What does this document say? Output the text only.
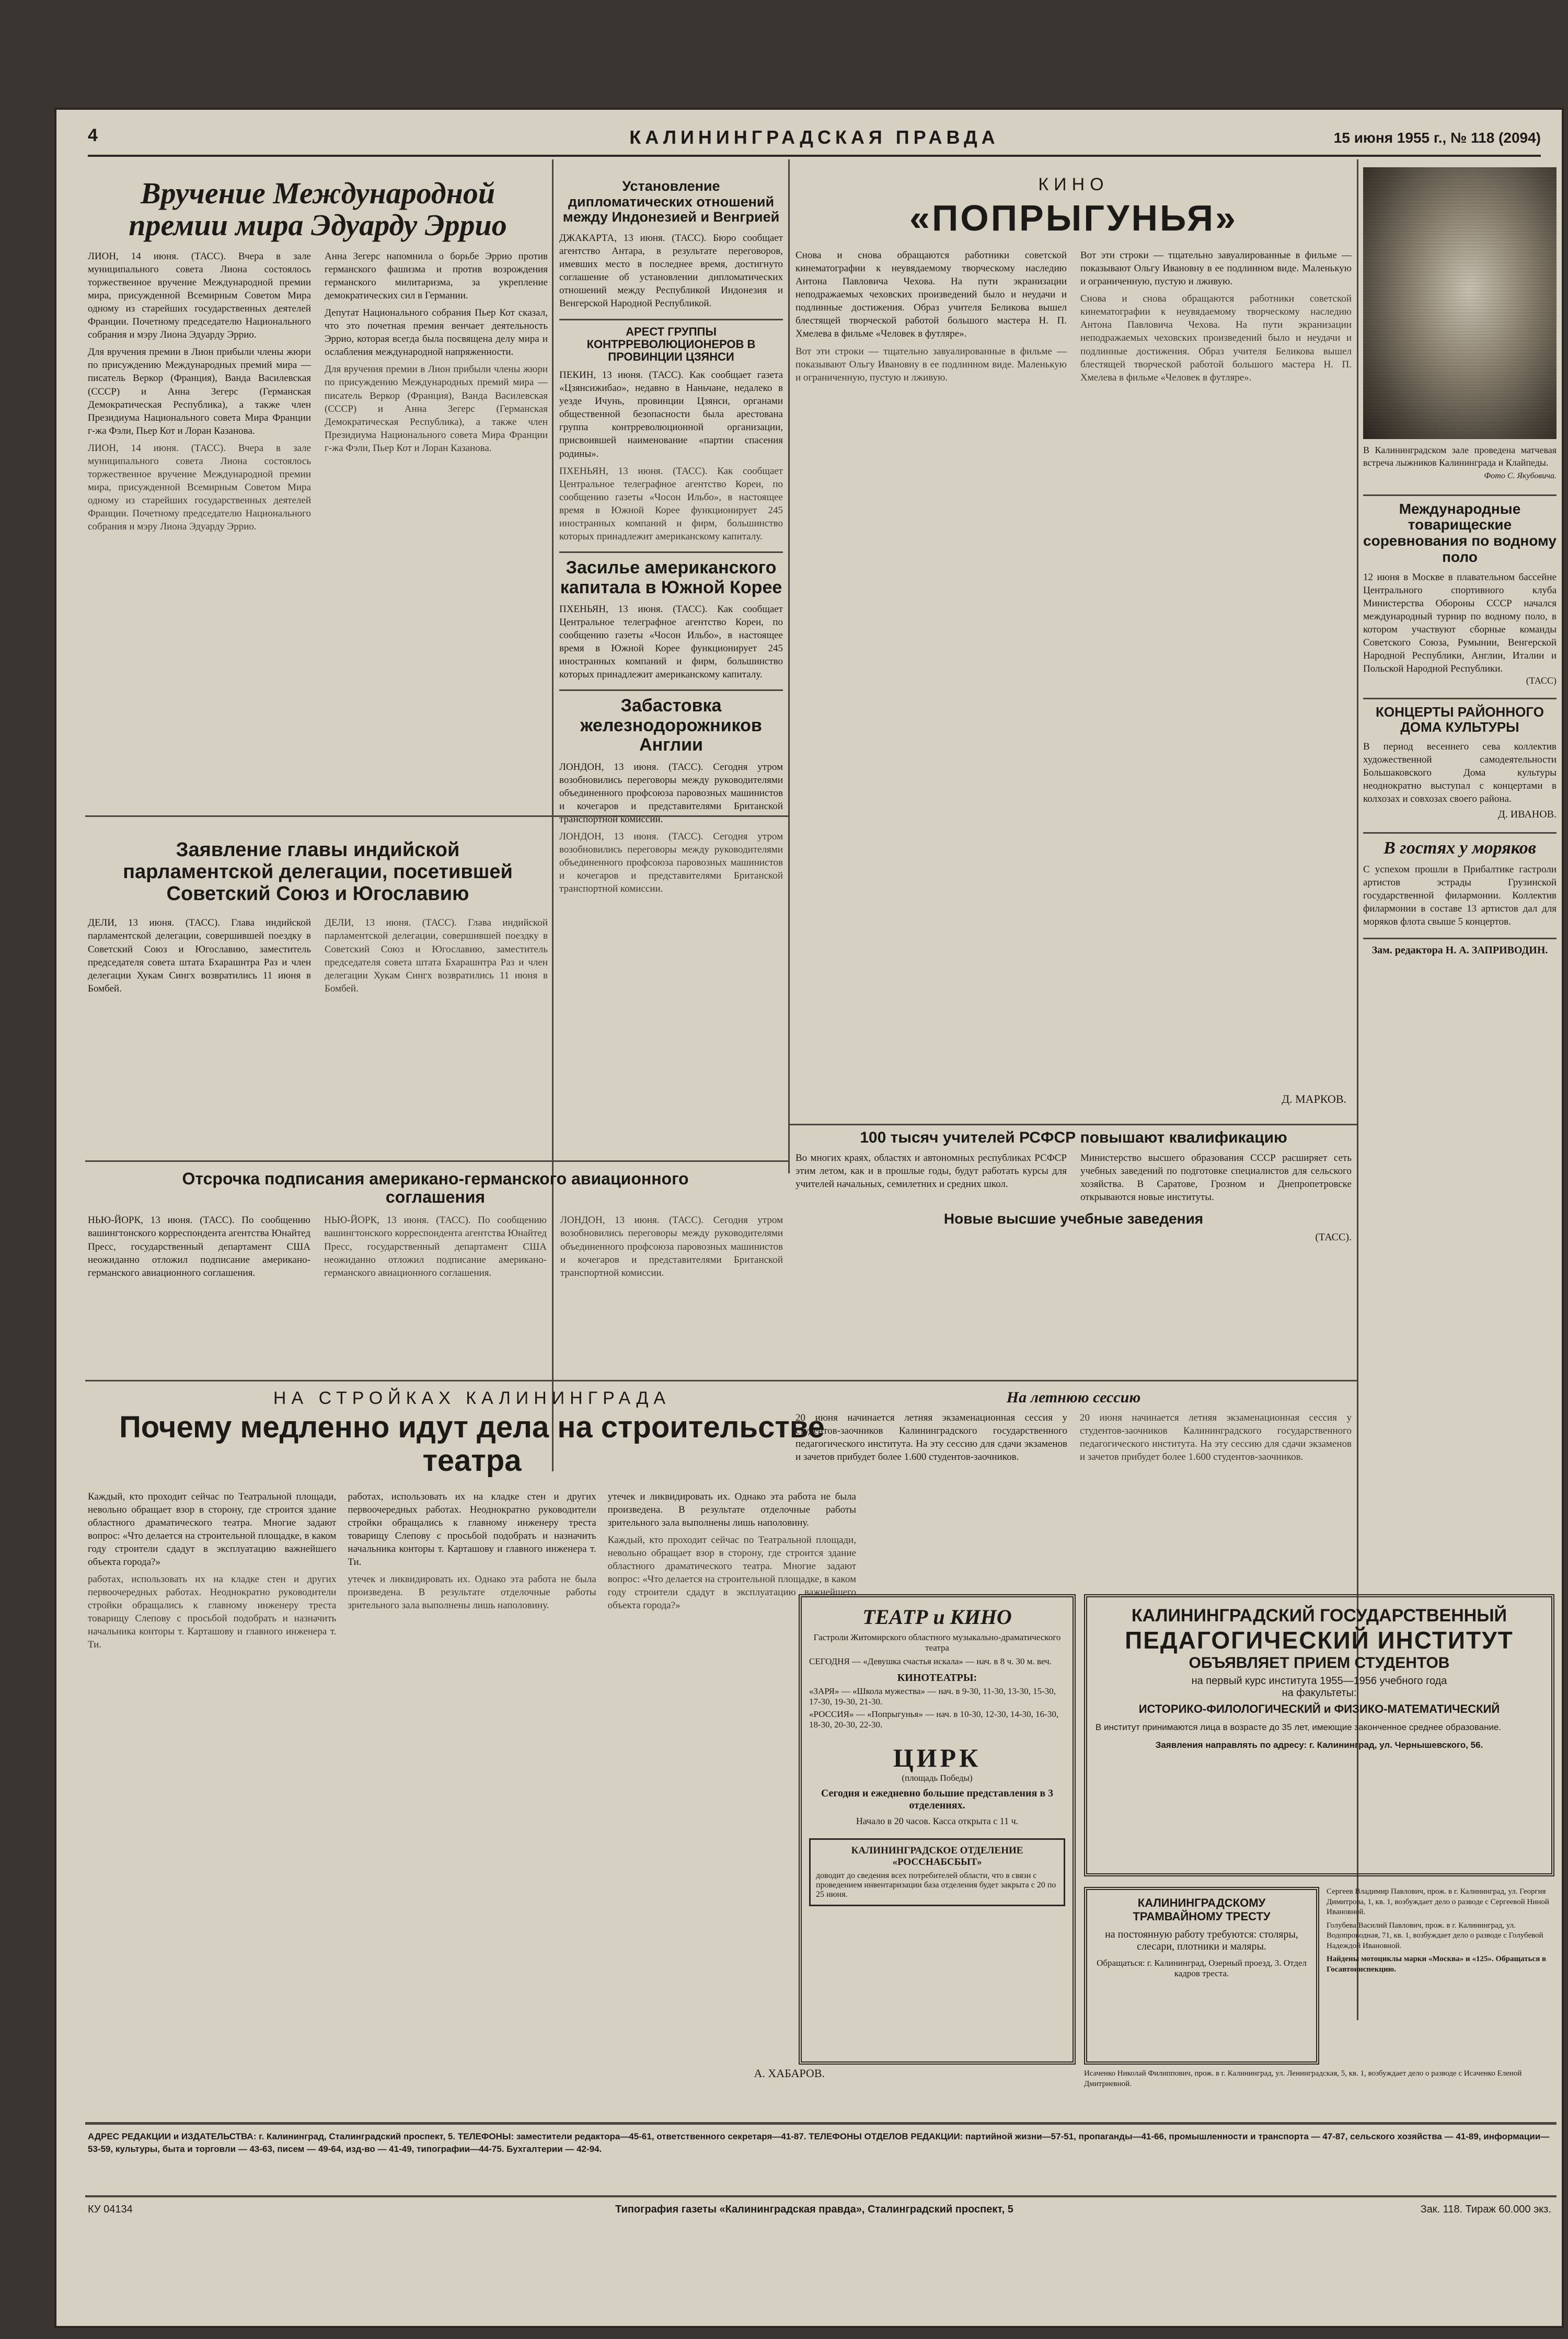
4	КАЛИНИНГРАДСКАЯ ПРАВДА	15 июня 1955 г., № 118 (2094)
Вручение Международной премии мира Эдуарду Эррио

ЛИОН, 14 июня. (ТАСС). Вчера в зале муниципального совета Лиона состоялось торжественное вручение Международной премии мира, присужденной Всемирным Советом Мира одному из старейших государственных деятелей Франции. Почетному председателю Национального собрания и мэру Лиона Эдуарду Эррио.

Для вручения премии в Лион прибыли члены жюри по присуждению Международных премий мира — писатель Веркор (Франция), Ванда Василевская (СССР) и Анна Зегерс (Германская Демократическая Республика), а также член Президиума Национального совета Мира Франции г-жа Фэли, Пьер Кот и Лоран Казанова.

ЛИОН, 14 июня. (ТАСС). Вчера в зале муниципального совета Лиона состоялось торжественное вручение Международной премии мира, присужденной Всемирным Советом Мира одному из старейших государственных деятелей Франции. Почетному председателю Национального собрания и мэру Лиона Эдуарду Эррио.

Анна Зегерс напомнила о борьбе Эррио против германского фашизма и против возрождения германского милитаризма, за укрепление демократических сил в Германии.

Депутат Национального собрания Пьер Кот сказал, что это почетная премия венчает деятельность Эррио, которая всегда была посвящена делу мира и ослабления международной напряженности.

Для вручения премии в Лион прибыли члены жюри по присуждению Международных премий мира — писатель Веркор (Франция), Ванда Василевская (СССР) и Анна Зегерс (Германская Демократическая Республика), а также член Президиума Национального совета Мира Франции г-жа Фэли, Пьер Кот и Лоран Казанова.

Установление дипломатических отношений между Индонезией и Венгрией

ДЖАКАРТА, 13 июня. (ТАСС). Бюро сообщает агентство Антара, в результате переговоров, имевших место в последнее время, достигнуто соглашение об установлении дипломатических отношений между Республикой Индонезия и Венгерской Народной Республикой.

АРЕСТ ГРУППЫ КОНТРРЕВОЛЮЦИОНЕРОВ В ПРОВИНЦИИ ЦЗЯНСИ

ПЕКИН, 13 июня. (ТАСС). Как сообщает газета «Цзянсижибао», недавно в Наньчане, недалеко в уезде Ичунь, провинции Цзянси, органами общественной безопасности была арестована группа контрреволюционной организации, присвоившей наименование «партии спасения родины».

ПХЕНЬЯН, 13 июня. (ТАСС). Как сообщает Центральное телеграфное агентство Кореи, по сообщению газеты «Чосон Ильбо», в настоящее время в Южной Корее функционирует 245 иностранных компаний и фирм, большинство которых принадлежит американскому капиталу.

Засилье американского капитала в Южной Корее

ПХЕНЬЯН, 13 июня. (ТАСС). Как сообщает Центральное телеграфное агентство Кореи, по сообщению газеты «Чосон Ильбо», в настоящее время в Южной Корее функционирует 245 иностранных компаний и фирм, большинство которых принадлежит американскому капиталу.

Забастовка железнодорожников Англии

ЛОНДОН, 13 июня. (ТАСС). Сегодня утром возобновились переговоры между руководителями объединенного профсоюза паровозных машинистов и кочегаров и представителями Британской транспортной комиссии.

ЛОНДОН, 13 июня. (ТАСС). Сегодня утром возобновились переговоры между руководителями объединенного профсоюза паровозных машинистов и кочегаров и представителями Британской транспортной комиссии.

Заявление главы индийской парламентской делегации, посетившей Советский Союз и Югославию

ДЕЛИ, 13 июня. (ТАСС). Глава индийской парламентской делегации, совершившей поездку в Советский Союз и Югославию, заместитель председателя совета штата Бхарашнтра Раз и член делегации Хукам Сингх возвратились 11 июня в Бомбей.

ДЕЛИ, 13 июня. (ТАСС). Глава индийской парламентской делегации, совершившей поездку в Советский Союз и Югославию, заместитель председателя совета штата Бхарашнтра Раз и член делегации Хукам Сингх возвратились 11 июня в Бомбей.

Отсрочка подписания американо-германского авиационного соглашения

НЬЮ-ЙОРК, 13 июня. (ТАСС). По сообщению вашингтонского корреспондента агентства Юнайтед Пресс, государственный департамент США неожиданно отложил подписание американо-германского авиационного соглашения.

НЬЮ-ЙОРК, 13 июня. (ТАСС). По сообщению вашингтонского корреспондента агентства Юнайтед Пресс, государственный департамент США неожиданно отложил подписание американо-германского авиационного соглашения.

ЛОНДОН, 13 июня. (ТАСС). Сегодня утром возобновились переговоры между руководителями объединенного профсоюза паровозных машинистов и кочегаров и представителями Британской транспортной комиссии.

КИНО
«ПОПРЫГУНЬЯ»

Снова и снова обращаются работники советской кинематографии к неувядаемому творческому наследию Антона Павловича Чехова. На пути экранизации неподражаемых чеховских произведений было и неудачи и подлинные достижения. Образ учителя Беликова вышел блестящей творческой работой большого мастера Н. П. Хмелева в фильме «Человек в футляре».

Вот эти строки — тщательно завуалированные в фильме — показывают Ольгу Ивановну в ее подлинном виде. Маленькую и ограниченную, пустую и лживую.

Вот эти строки — тщательно завуалированные в фильме — показывают Ольгу Ивановну в ее подлинном виде. Маленькую и ограниченную, пустую и лживую.

Снова и снова обращаются работники советской кинематографии к неувядаемому творческому наследию Антона Павловича Чехова. На пути экранизации неподражаемых чеховских произведений было и неудачи и подлинные достижения. Образ учителя Беликова вышел блестящей творческой работой большого мастера Н. П. Хмелева в фильме «Человек в футляре».

Д. МАРКОВ.
100 тысяч учителей РСФСР повышают квалификацию

Во многих краях, областях и автономных республиках РСФСР этим летом, как и в прошлые годы, будут работать курсы для учителей начальных, семилетних и средних школ.

Министерство высшего образования СССР расширяет сеть учебных заведений по подготовке специалистов для сельского хозяйства. В Саратове, Грозном и Днепропетровске открываются новые институты.

Новые высшие учебные заведения
(ТАСС).

В Калининградском зале проведена матчевая встреча лыжников Калининграда и Клайпеды.

Фото С. Якубовича.
Международные товарищеские соревнования по водному поло

12 июня в Москве в плавательном бассейне Центрального спортивного клуба Министерства Обороны СССР начался международный турнир по водному поло, в котором участвуют сборные команды Советского Союза, Румынии, Венгерской Народной Республики, Англии, Италии и Польской Народной Республики.

(ТАСС)
КОНЦЕРТЫ РАЙОННОГО ДОМА КУЛЬТУРЫ

В период весеннего сева коллектив художественной самодеятельности Большаковского Дома культуры неоднократно выступал с концертами в колхозах и совхозах своего района.

Д. ИВАНОВ.
В гостях у моряков

С успехом прошли в Прибалтике гастроли артистов эстрады Грузинской государственной филармонии. Коллектив филармонии в составе 13 артистов дал для моряков флота свыше 5 концертов.

Зам. редактора Н. А. ЗАПРИВОДИН.
НА СТРОЙКАХ КАЛИНИНГРАДА
Почему медленно идут дела на строительстве театра

Каждый, кто проходит сейчас по Театральной площади, невольно обращает взор в сторону, где строится здание областного драматического театра. Многие задают вопрос: «Что делается на строительной площадке, в каком году строители сдадут в эксплуатацию важнейшего объекта города?»

работах, использовать их на кладке стен и других первоочередных работах. Неоднократно руководители стройки обращались к главному инженеру треста товарищу Слепову с просьбой подобрать и назначить начальника конторы т. Карташову и главного инженера т. Ти.

работах, использовать их на кладке стен и других первоочередных работах. Неоднократно руководители стройки обращались к главному инженеру треста товарищу Слепову с просьбой подобрать и назначить начальника конторы т. Карташову и главного инженера т. Ти.

утечек и ликвидировать их. Однако эта работа не была произведена. В результате отделочные работы зрительного зала выполнены лишь наполовину.

утечек и ликвидировать их. Однако эта работа не была произведена. В результате отделочные работы зрительного зала выполнены лишь наполовину.

Каждый, кто проходит сейчас по Театральной площади, невольно обращает взор в сторону, где строится здание областного драматического театра. Многие задают вопрос: «Что делается на строительной площадке, в каком году строители сдадут в эксплуатацию важнейшего объекта города?»

А. ХАБАРОВ.
На летнюю сессию

20 июня начинается летняя экзаменационная сессия у студентов-заочников Калининградского государственного педагогического института. На эту сессию для сдачи экзаменов и зачетов прибудет более 1.600 студентов-заочников.

20 июня начинается летняя экзаменационная сессия у студентов-заочников Калининградского государственного педагогического института. На эту сессию для сдачи экзаменов и зачетов прибудет более 1.600 студентов-заочников.

ТЕАТР и КИНО
Гастроли Житомирского областного музыкально-драматического театра
СЕГОДНЯ — «Девушка счастья искала» — нач. в 8 ч. 30 м. веч.
КИНОТЕАТРЫ:
«ЗАРЯ» — «Школа мужества» — нач. в 9-30, 11-30, 13-30, 15-30, 17-30, 19-30, 21-30.
«РОССИЯ» — «Попрыгунья» — нач. в 10-30, 12-30, 14-30, 16-30, 18-30, 20-30, 22-30.
ЦИРК
(площадь Победы)
Сегодня и ежедневно большие представления в 3 отделениях.
Начало в 20 часов. Касса открыта с 11 ч.
КАЛИНИНГРАДСКОЕ ОТДЕЛЕНИЕ «РОССНАБСБЫТ»
доводит до сведения всех потребителей области, что в связи с проведением инвентаризации база отделения будет закрыта с 20 по 25 июня.
КАЛИНИНГРАДСКИЙ ГОСУДАРСТВЕННЫЙ
ПЕДАГОГИЧЕСКИЙ ИНСТИТУТ
ОБЪЯВЛЯЕТ ПРИЕМ СТУДЕНТОВ
на первый курс института 1955—1956 учебного года
на факультеты:
ИСТОРИКО-ФИЛОЛОГИЧЕСКИЙ и ФИЗИКО-МАТЕМАТИЧЕСКИЙ
В институт принимаются лица в возрасте до 35 лет, имеющие законченное среднее образование.
Заявления направлять по адресу: г. Калининград, ул. Чернышевского, 56.
КАЛИНИНГРАДСКОМУ ТРАМВАЙНОМУ ТРЕСТУ
на постоянную работу требуются: столяры, слесари, плотники и маляры.
Обращаться: г. Калининград, Озерный проезд, 3. Отдел кадров треста.

Сергеев Владимир Павлович, прож. в г. Калининград, ул. Георгия Димитрова, 1, кв. 1, возбуждает дело о разводе с Сергеевой Ниной Ивановной.

Голубева Василий Павлович, прож. в г. Калининград, ул. Водопроводная, 71, кв. 1, возбуждает дело о разводе с Голубевой Надеждой Ивановной.

Найдены мотоциклы марки «Москва» и «125». Обращаться в Госавтоинспекцию.

Исаченко Николай Филиппович, прож. в г. Калининград, ул. Ленинградская, 5, кв. 1, возбуждает дело о разводе с Исаченко Еленой Дмитриевной.

АДРЕС РЕДАКЦИИ и ИЗДАТЕЛЬСТВА: г. Калининград, Сталинградский проспект, 5. ТЕЛЕФОНЫ: заместители редактора—45-61, ответственного секретаря—41-87. ТЕЛЕФОНЫ ОТДЕЛОВ РЕДАКЦИИ: партийной жизни—57-51, пропаганды—41-66, промышленности и транспорта — 47-87, сельского хозяйства — 41-89, информации—53-59, культуры, быта и торговли — 43-63, писем — 49-64, изд-во — 41-49, типографии—44-75. Бухгалтерии — 42-94.
КУ 04134	Типография газеты «Калининградская правда», Сталинградский проспект, 5	Зак. 118. Тираж 60.000 экз.
